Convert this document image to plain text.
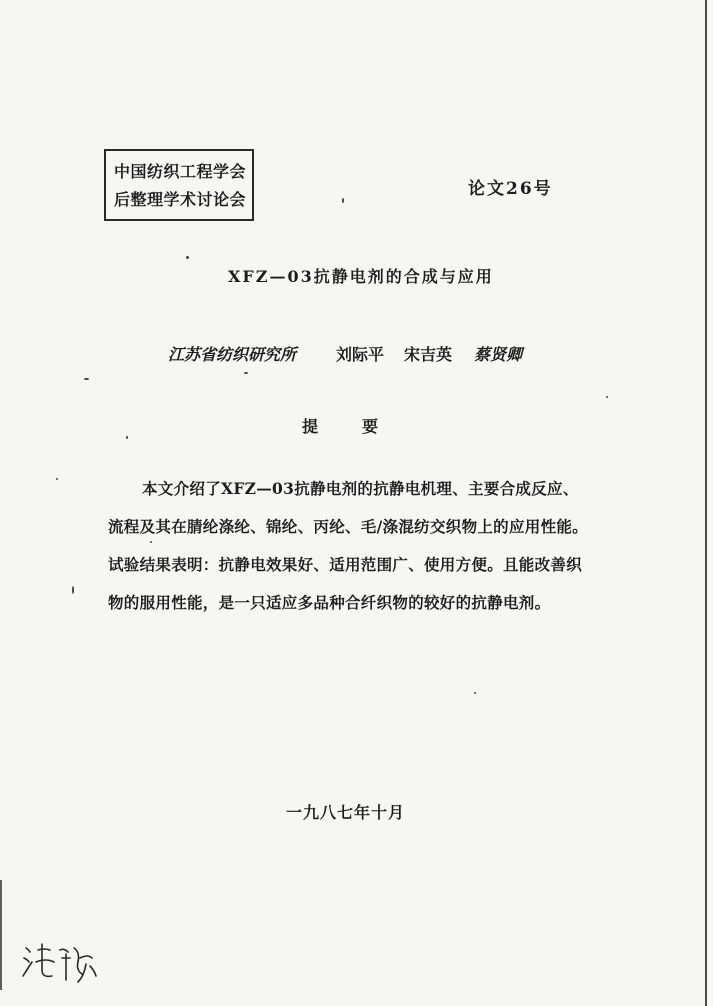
中国纺织工程学会
后整理学术讨论会
论文26号
XFZ—03抗静电剂的合成与应用
江苏省纺织研究所 刘际平 宋吉英 蔡贤卿
提要
本文介绍了XFZ—03抗静电剂的抗静电机理、主要合成反应、
流程及其在腈纶涤纶、锦纶、丙纶、毛/涤混纺交织物上的应用性能。
试验结果表明：抗静电效果好、适用范围广、使用方便。且能改善织
物的服用性能，是一只适应多品种合纤织物的较好的抗静电剂。
一九八七年十月
